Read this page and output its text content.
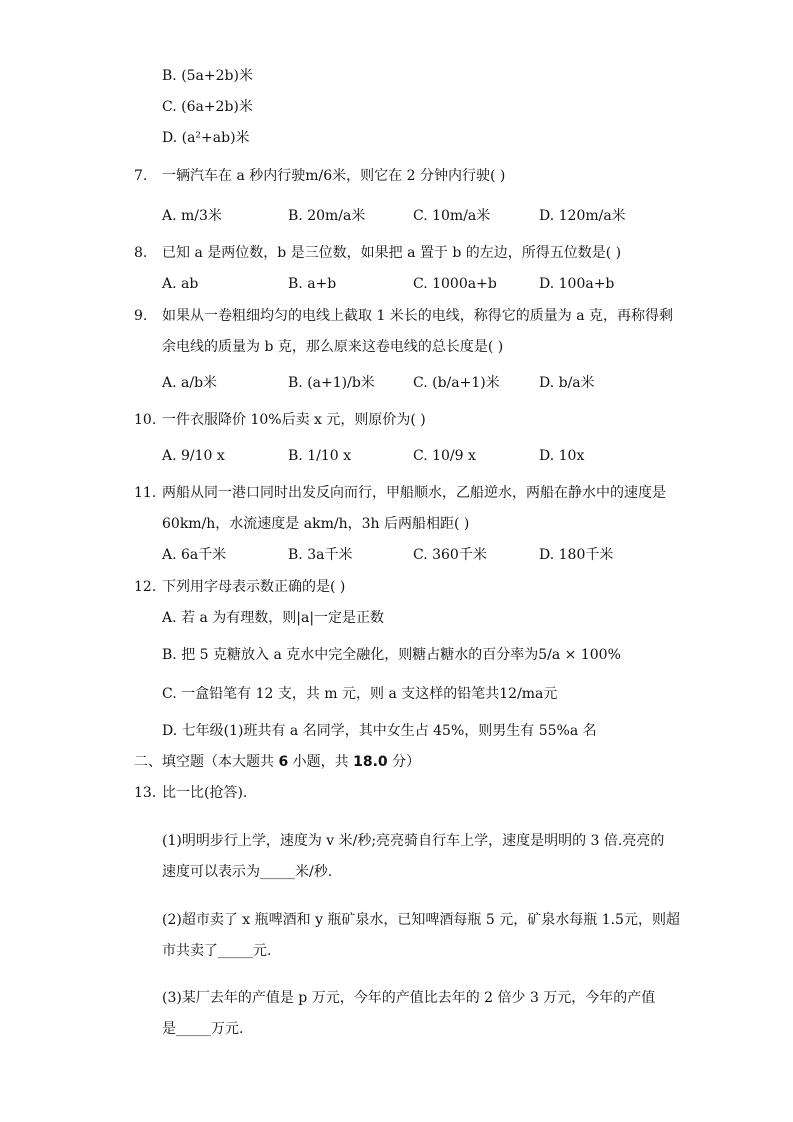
B. (5a+2b)米
C. (6a+2b)米
D. (a²+ab)米
7. 一辆汽车在 a 秒内行驶m/6米，则它在 2 分钟内行驶( )
A. m/3米	B. 20m/a米	C. 10m/a米	D. 120m/a米
8. 已知 a 是两位数，b 是三位数，如果把 a 置于 b 的左边，所得五位数是( )
A. ab	B. a+b	C. 1000a+b	D. 100a+b
9. 如果从一卷粗细均匀的电线上截取 1 米长的电线，称得它的质量为 a 克，再称得剩
余电线的质量为 b 克，那么原来这卷电线的总长度是( )
A. a/b米	B. (a+1)/b米	C. (b/a+1)米	D. b/a米
10. 一件衣服降价 10%后卖 x 元，则原价为( )
A. 9/10 x	B. 1/10 x	C. 10/9 x	D. 10x
11. 两船从同一港口同时出发反向而行，甲船顺水，乙船逆水，两船在静水中的速度是
60km/h，水流速度是 akm/h，3h 后两船相距( )
A. 6a千米	B. 3a千米	C. 360千米	D. 180千米
12. 下列用字母表示数正确的是( )
A. 若 a 为有理数，则|a|一定是正数
B. 把 5 克糖放入 a 克水中完全融化，则糖占糖水的百分率为5/a × 100%
C. 一盒铅笔有 12 支，共 m 元，则 a 支这样的铅笔共12/ma元
D. 七年级(1)班共有 a 名同学，其中女生占 45%，则男生有 55%a 名
二、填空题（本大题共 6 小题，共 18.0 分）
13. 比一比(抢答).
(1)明明步行上学，速度为 v 米/秒;亮亮骑自行车上学，速度是明明的 3 倍.亮亮的
速度可以表示为_____米/秒.
(2)超市卖了 x 瓶啤酒和 y 瓶矿泉水，已知啤酒每瓶 5 元，矿泉水每瓶 1.5元，则超
市共卖了_____元.
(3)某厂去年的产值是 p 万元，今年的产值比去年的 2 倍少 3 万元，今年的产值
是_____万元.
